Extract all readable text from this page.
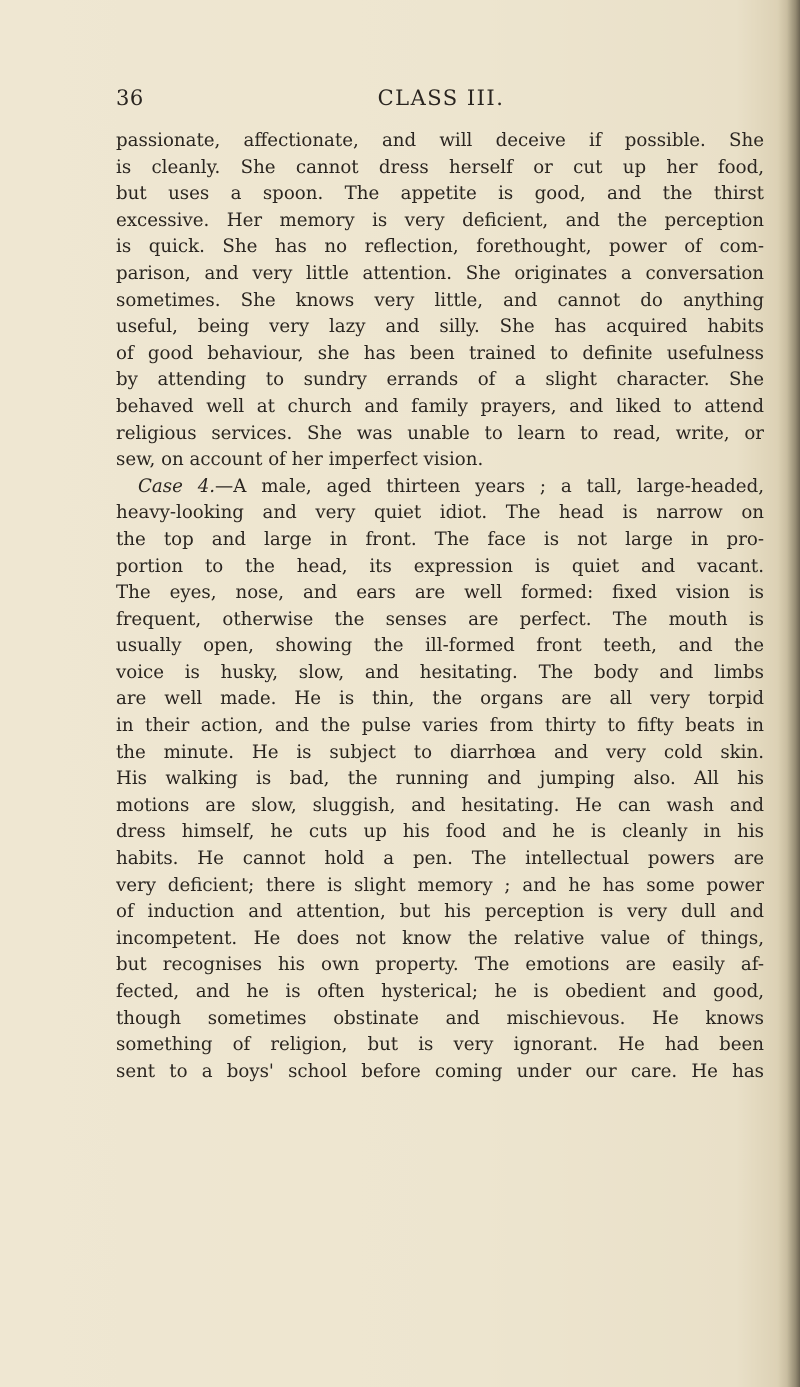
36	CLASS III.
passionate, affectionate, and will deceive if possible. She
is cleanly. She cannot dress herself or cut up her food,
but uses a spoon. The appetite is good, and the thirst
excessive. Her memory is very deficient, and the perception
is quick. She has no reflection, forethought, power of com-
parison, and very little attention. She originates a conversation
sometimes. She knows very little, and cannot do anything
useful, being very lazy and silly. She has acquired habits
of good behaviour, she has been trained to definite usefulness
by attending to sundry errands of a slight character. She
behaved well at church and family prayers, and liked to attend
religious services. She was unable to learn to read, write, or
sew, on account of her imperfect vision.
Case 4.—A male, aged thirteen years ; a tall, large-headed,
heavy-looking and very quiet idiot. The head is narrow on
the top and large in front. The face is not large in pro-
portion to the head, its expression is quiet and vacant.
The eyes, nose, and ears are well formed: fixed vision is
frequent, otherwise the senses are perfect. The mouth is
usually open, showing the ill-formed front teeth, and the
voice is husky, slow, and hesitating. The body and limbs
are well made. He is thin, the organs are all very torpid
in their action, and the pulse varies from thirty to fifty beats in
the minute. He is subject to diarrhœa and very cold skin.
His walking is bad, the running and jumping also. All his
motions are slow, sluggish, and hesitating. He can wash and
dress himself, he cuts up his food and he is cleanly in his
habits. He cannot hold a pen. The intellectual powers are
very deficient; there is slight memory ; and he has some power
of induction and attention, but his perception is very dull and
incompetent. He does not know the relative value of things,
but recognises his own property. The emotions are easily af-
fected, and he is often hysterical; he is obedient and good,
though sometimes obstinate and mischievous. He knows
something of religion, but is very ignorant. He had been
sent to a boys' school before coming under our care. He has
